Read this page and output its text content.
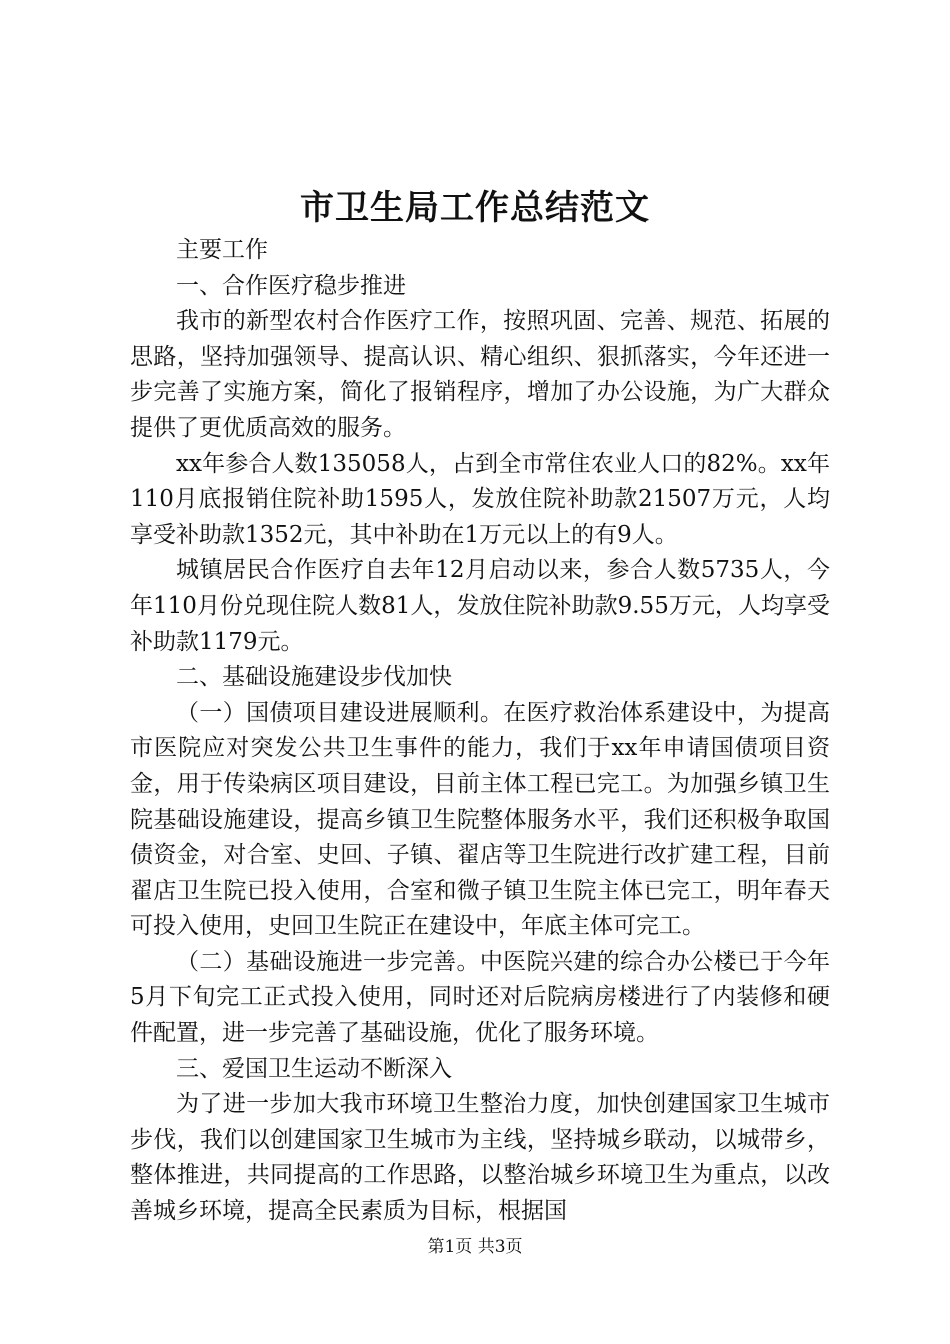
市卫生局工作总结范文

主要工作

一、合作医疗稳步推进

我市的新型农村合作医疗工作，按照巩固、完善、规范、拓展的思路，坚持加强领导、提高认识、精心组织、狠抓落实，今年还进一步完善了实施方案，简化了报销程序，增加了办公设施，为广大群众提供了更优质高效的服务。

xx年参合人数135058人，占到全市常住农业人口的82%。xx年110月底报销住院补助1595人，发放住院补助款21507万元，人均享受补助款1352元，其中补助在1万元以上的有9人。

城镇居民合作医疗自去年12月启动以来，参合人数5735人，今年110月份兑现住院人数81人，发放住院补助款9.55万元，人均享受补助款1179元。

二、基础设施建设步伐加快

（一）国债项目建设进展顺利。在医疗救治体系建设中，为提高市医院应对突发公共卫生事件的能力，我们于xx年申请国债项目资金，用于传染病区项目建设，目前主体工程已完工。为加强乡镇卫生院基础设施建设，提高乡镇卫生院整体服务水平，我们还积极争取国债资金，对合室、史回、子镇、翟店等卫生院进行改扩建工程，目前翟店卫生院已投入使用，合室和微子镇卫生院主体已完工，明年春天可投入使用，史回卫生院正在建设中，年底主体可完工。

（二）基础设施进一步完善。中医院兴建的综合办公楼已于今年5月下旬完工正式投入使用，同时还对后院病房楼进行了内装修和硬件配置，进一步完善了基础设施，优化了服务环境。

三、爱国卫生运动不断深入

为了进一步加大我市环境卫生整治力度，加快创建国家卫生城市步伐，我们以创建国家卫生城市为主线，坚持城乡联动，以城带乡，整体推进，共同提高的工作思路，以整治城乡环境卫生为重点，以改善城乡环境，提高全民素质为目标，根据国

第1页 共3页
